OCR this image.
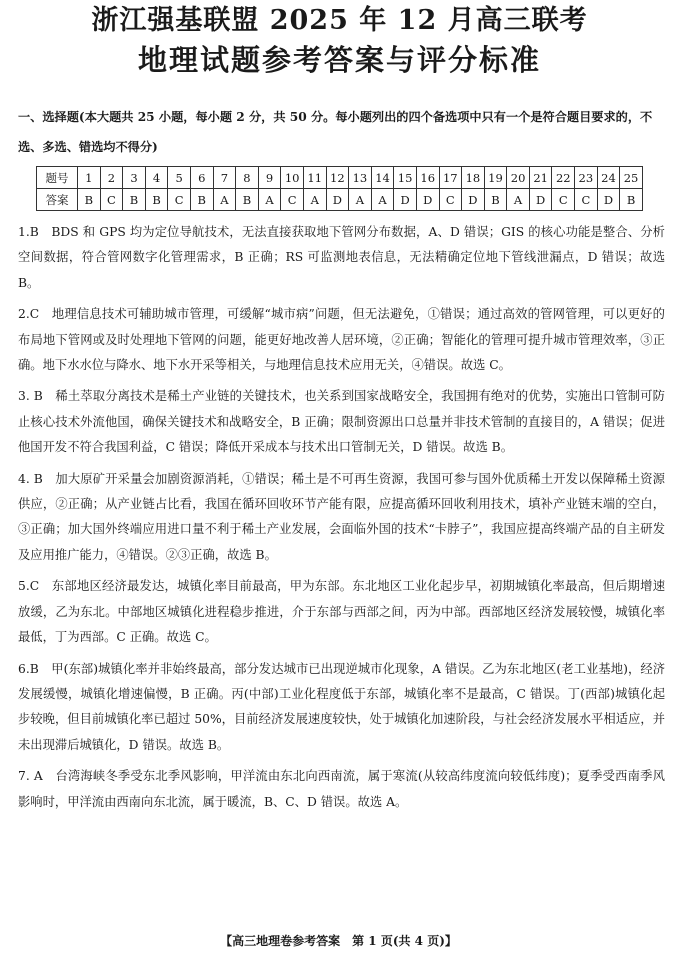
浙江强基联盟 2025 年 12 月高三联考
地理试题参考答案与评分标准
一、选择题(本大题共 25 小题，每小题 2 分，共 50 分。每小题列出的四个备选项中只有一个是符合题目要求的，不选、多选、错选均不得分)
题号	1	2	3	4	5	6	7	8	9	10	11	12	13	14	15	16	17	18	19	20	21	22	23	24	25
答案	B	C	B	B	C	B	A	B	A	C	A	D	A	A	D	D	C	D	B	A	D	C	C	D	B
1.B　 BDS 和 GPS 均为定位导航技术，无法直接获取地下管网分布数据，A、D 错误；GIS 的核心功能是整合、分析空间数据，符合管网数字化管理需求，B 正确；RS 可监测地表信息，无法精确定位地下管线泄漏点，D 错误；故选 B。
2.C　 地理信息技术可辅助城市管理，可缓解“城市病”问题，但无法避免，①错误；通过高效的管网管理，可以更好的布局地下管网或及时处理地下管网的问题，能更好地改善人居环境，②正确；智能化的管理可提升城市管理效率，③正确。地下水水位与降水、地下水开采等相关，与地理信息技术应用无关，④错误。故选 C。
3. B　 稀土萃取分离技术是稀土产业链的关键技术，也关系到国家战略安全，我国拥有绝对的优势，实施出口管制可防止核心技术外流他国，确保关键技术和战略安全，B 正确；限制资源出口总量并非技术管制的直接目的，A 错误；促进他国开发不符合我国利益，C 错误；降低开采成本与技术出口管制无关，D 错误。故选 B。
4. B　 加大原矿开采量会加剧资源消耗，①错误；稀土是不可再生资源，我国可参与国外优质稀土开发以保障稀土资源供应，②正确；从产业链占比看，我国在循环回收环节产能有限，应提高循环回收利用技术，填补产业链末端的空白，③正确；加大国外终端应用进口量不利于稀土产业发展，会面临外国的技术“卡脖子”，我国应提高终端产品的自主研发及应用推广能力，④错误。②③正确，故选 B。
5.C　 东部地区经济最发达，城镇化率目前最高，甲为东部。东北地区工业化起步早，初期城镇化率最高，但后期增速放缓，乙为东北。中部地区城镇化进程稳步推进，介于东部与西部之间，丙为中部。西部地区经济发展较慢，城镇化率最低，丁为西部。C 正确。故选 C。
6.B　 甲(东部)城镇化率并非始终最高，部分发达城市已出现逆城市化现象，A 错误。乙为东北地区(老工业基地)，经济发展缓慢，城镇化增速偏慢，B 正确。丙(中部)工业化程度低于东部，城镇化率不是最高，C 错误。丁(西部)城镇化起步较晚，但目前城镇化率已超过 50%，目前经济发展速度较快，处于城镇化加速阶段，与社会经济发展水平相适应，并未出现滞后城镇化，D 错误。故选 B。
7. A　 台湾海峡冬季受东北季风影响，甲洋流由东北向西南流，属于寒流(从较高纬度流向较低纬度)；夏季受西南季风影响时，甲洋流由西南向东北流，属于暖流，B、C、D 错误。故选 A。
【高三地理卷参考答案　第 1 页(共 4 页)】
